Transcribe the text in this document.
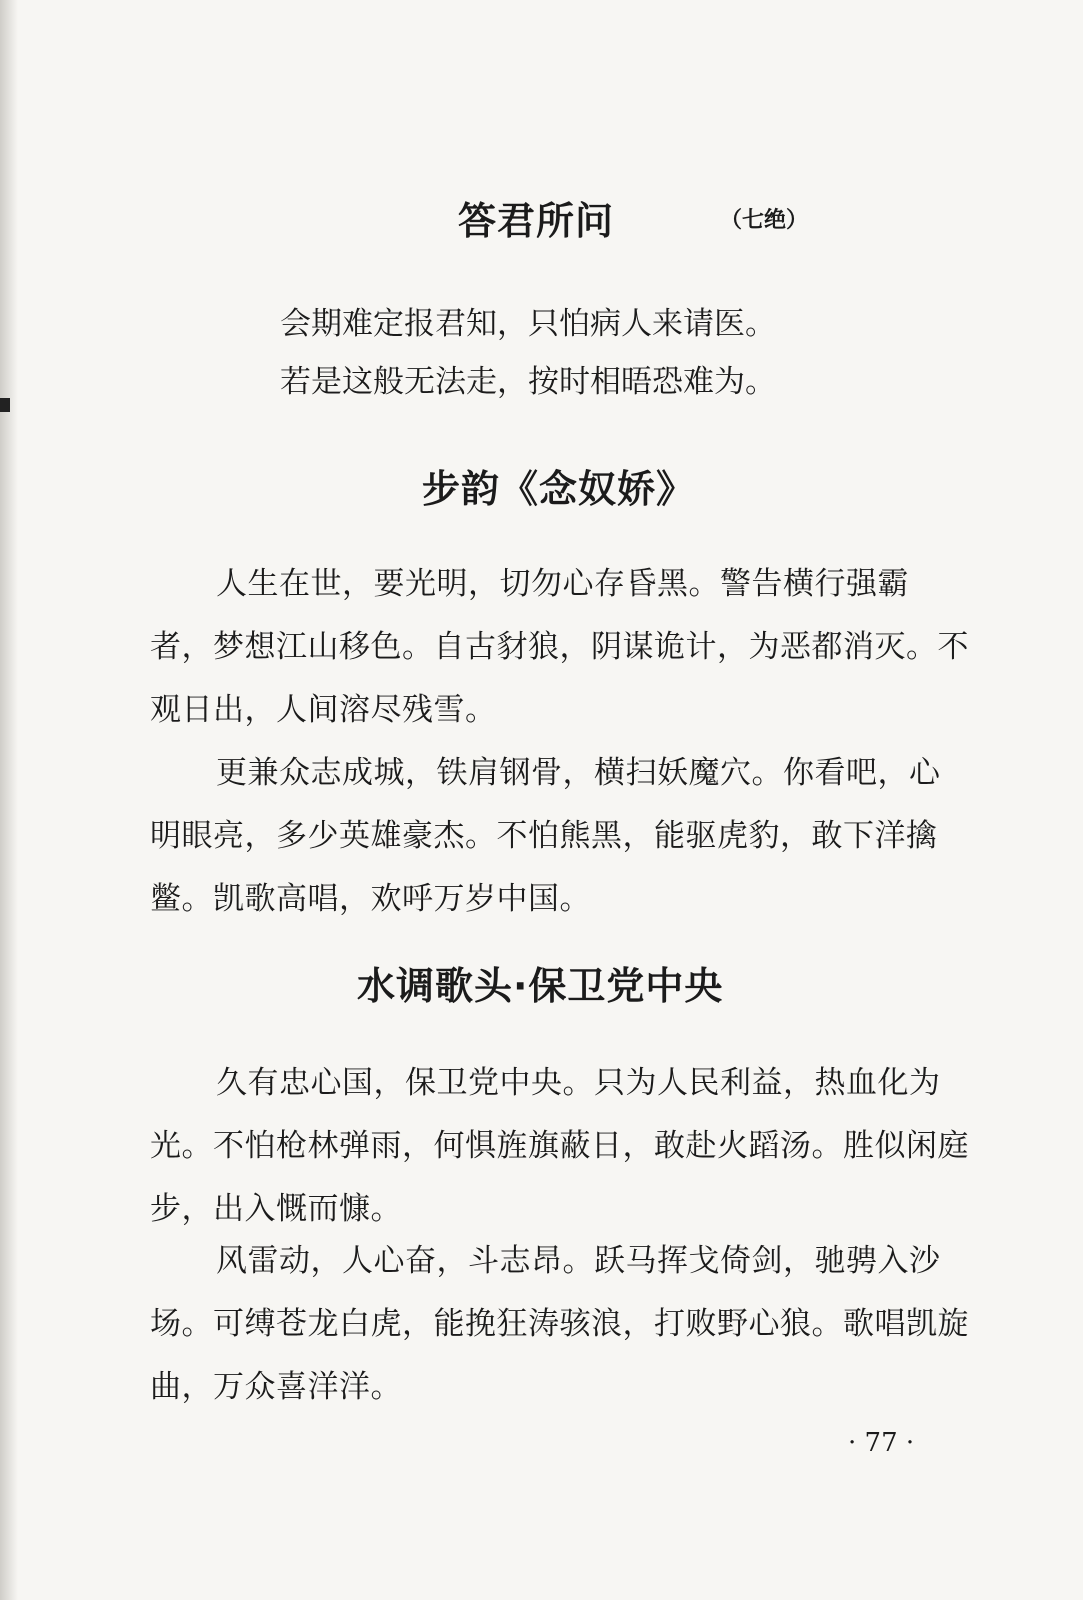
答君所问	（七绝）

会期难定报君知，只怕病人来请医。

若是这般无法走，按时相晤恐难为。

步韵《念奴娇》

人生在世，要光明，切勿心存昏黑。警告横行强霸者，梦想江山移色。自古豺狼，阴谋诡计，为恶都消灭。不观日出，人间溶尽残雪。

更兼众志成城，铁肩钢骨，横扫妖魔穴。你看吧，心明眼亮，多少英雄豪杰。不怕熊黑，能驱虎豹，敢下洋擒鳖。凯歌高唱，欢呼万岁中国。

水调歌头·保卫党中央

久有忠心国，保卫党中央。只为人民利益，热血化为光。不怕枪林弹雨，何惧旌旗蔽日，敢赴火蹈汤。胜似闲庭步，出入慨而慷。

风雷动，人心奋，斗志昂。跃马挥戈倚剑，驰骋入沙场。可缚苍龙白虎，能挽狂涛骇浪，打败野心狼。歌唱凯旋曲，万众喜洋洋。

· 77 ·
